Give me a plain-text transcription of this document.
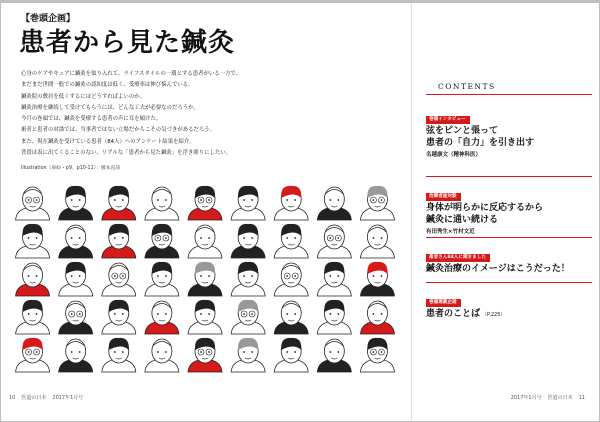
【巻頭企画】
患者から見た鍼灸
心身のケアやキュアに鍼灸を取り入れて、ライフスタイルの一環とする患者がいる一方で、
まだまだ世間一般での鍼灸の認知度は低く、受療率は伸び悩んでいる。
鍼灸院の敷居を低くするにはどうすればよいのか。
鍼灸治療を継続して受けてもらうには、どんな工夫が必要なのだろうか。
今月の巻頭では、鍼灸を受療する患者の声に耳を傾けた。
術者と患者の対談では、当事者ではない立場だからこその気づきがあるだろう。
また、現在鍼灸を受けている患者（84人）へのアンケート結果を紹介。
普段は表に出てくることのない、リアルな「患者から見た鍼灸」を浮き彫りにしたい。
Illustration（扉絵・p9、p10-11）：榎本直哉
10 医道の日本 2017年1月号
CONTENTS
巻頭インタビュー
弦をピンと張って
患者の「自力」を引き出す
名越康文（精神科医）
治療者座対談
身体が明らかに反応するから
鍼灸に通い続ける
有田秀生×竹村文近
患者さん84人に聞きました
鍼灸治療のイメージはこうだった！
巻頭連載企画
患者のことば （P.225）
2017年1月号 医道の日本 11
